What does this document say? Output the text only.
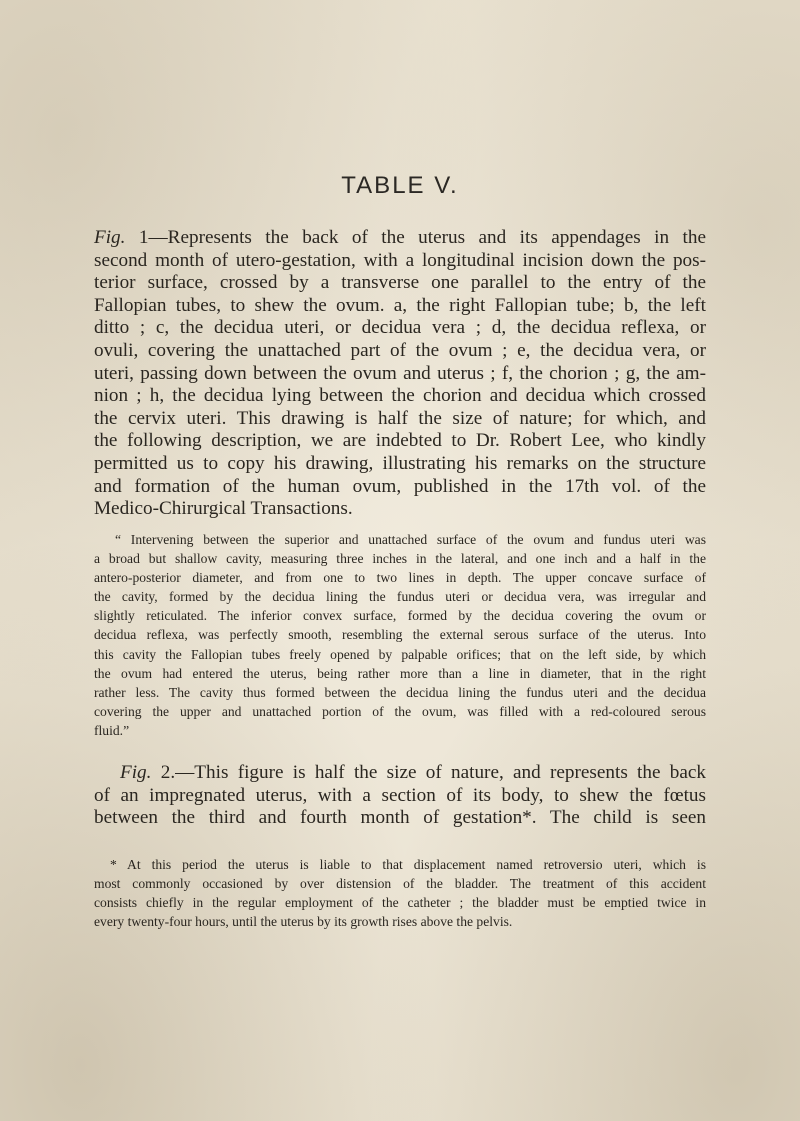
TABLE V.
Fig. 1—Represents the back of the uterus and its appendages in the
second month of utero-gestation, with a longitudinal incision down the pos-
terior surface, crossed by a transverse one parallel to the entry of the
Fallopian tubes, to shew the ovum. a, the right Fallopian tube; b, the left
ditto ; c, the decidua uteri, or decidua vera ; d, the decidua reflexa, or
ovuli, covering the unattached part of the ovum ; e, the decidua vera, or
uteri, passing down between the ovum and uterus ; f, the chorion ; g, the am-
nion ; h, the decidua lying between the chorion and decidua which crossed
the cervix uteri. This drawing is half the size of nature; for which, and
the following description, we are indebted to Dr. Robert Lee, who kindly
permitted us to copy his drawing, illustrating his remarks on the structure
and formation of the human ovum, published in the 17th vol. of the
Medico-Chirurgical Transactions.
“ Intervening between the superior and unattached surface of the ovum and fundus uteri was
a broad but shallow cavity, measuring three inches in the lateral, and one inch and a half in the
antero-posterior diameter, and from one to two lines in depth. The upper concave surface of
the cavity, formed by the decidua lining the fundus uteri or decidua vera, was irregular and
slightly reticulated. The inferior convex surface, formed by the decidua covering the ovum or
decidua reflexa, was perfectly smooth, resembling the external serous surface of the uterus. Into
this cavity the Fallopian tubes freely opened by palpable orifices; that on the left side, by which
the ovum had entered the uterus, being rather more than a line in diameter, that in the right
rather less. The cavity thus formed between the decidua lining the fundus uteri and the decidua
covering the upper and unattached portion of the ovum, was filled with a red-coloured serous
fluid.”
Fig. 2.—This figure is half the size of nature, and represents the back
of an impregnated uterus, with a section of its body, to shew the fœtus
between the third and fourth month of gestation*. The child is seen
* At this period the uterus is liable to that displacement named retroversio uteri, which is
most commonly occasioned by over distension of the bladder. The treatment of this accident
consists chiefly in the regular employment of the catheter ; the bladder must be emptied twice in
every twenty-four hours, until the uterus by its growth rises above the pelvis.
